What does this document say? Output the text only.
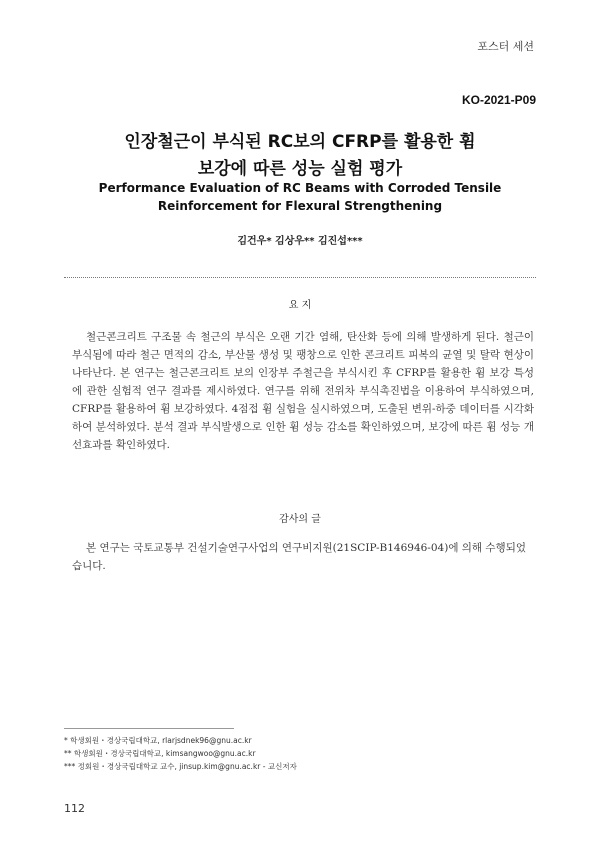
포스터 세션
KO-2021-P09
인장철근이 부식된 RC보의 CFRP를 활용한 휨
보강에 따른 성능 실험 평가
Performance Evaluation of RC Beams with Corroded Tensile
Reinforcement for Flexural Strengthening
김건우* 김상우** 김진섭***
요 지
철근콘크리트 구조물 속 철근의 부식은 오랜 기간 염해, 탄산화 등에 의해 발생하게 된다. 철근이 부식됨에 따라 철근 면적의 감소, 부산물 생성 및 팽창으로 인한 콘크리트 피복의 균열 및 탈락 현상이 나타난다. 본 연구는 철근콘크리트 보의 인장부 주철근을 부식시킨 후 CFRP를 활용한 휨 보강 특성에 관한 실험적 연구 결과를 제시하였다. 연구를 위해 전위차 부식촉진법을 이용하여 부식하였으며, CFRP를 활용하여 휨 보강하였다. 4점접 휨 실험을 실시하였으며, 도출된 변위-하중 데이터를 시각화 하여 분석하였다. 분석 결과 부식발생으로 인한 휨 성능 감소를 확인하였으며, 보강에 따른 휨 성능 개선효과를 확인하였다.
감사의 글
본 연구는 국토교통부 건설기술연구사업의 연구비지원(21SCIP-B146946-04)에 의해 수행되었습니다.
* 학생회원・경상국립대학교, rlarjsdnek96@gnu.ac.kr
** 학생회원・경상국립대학교, kimsangwoo@gnu.ac.kr
*** 정회원・경상국립대학교 교수, jinsup.kim@gnu.ac.kr - 교신저자
112
